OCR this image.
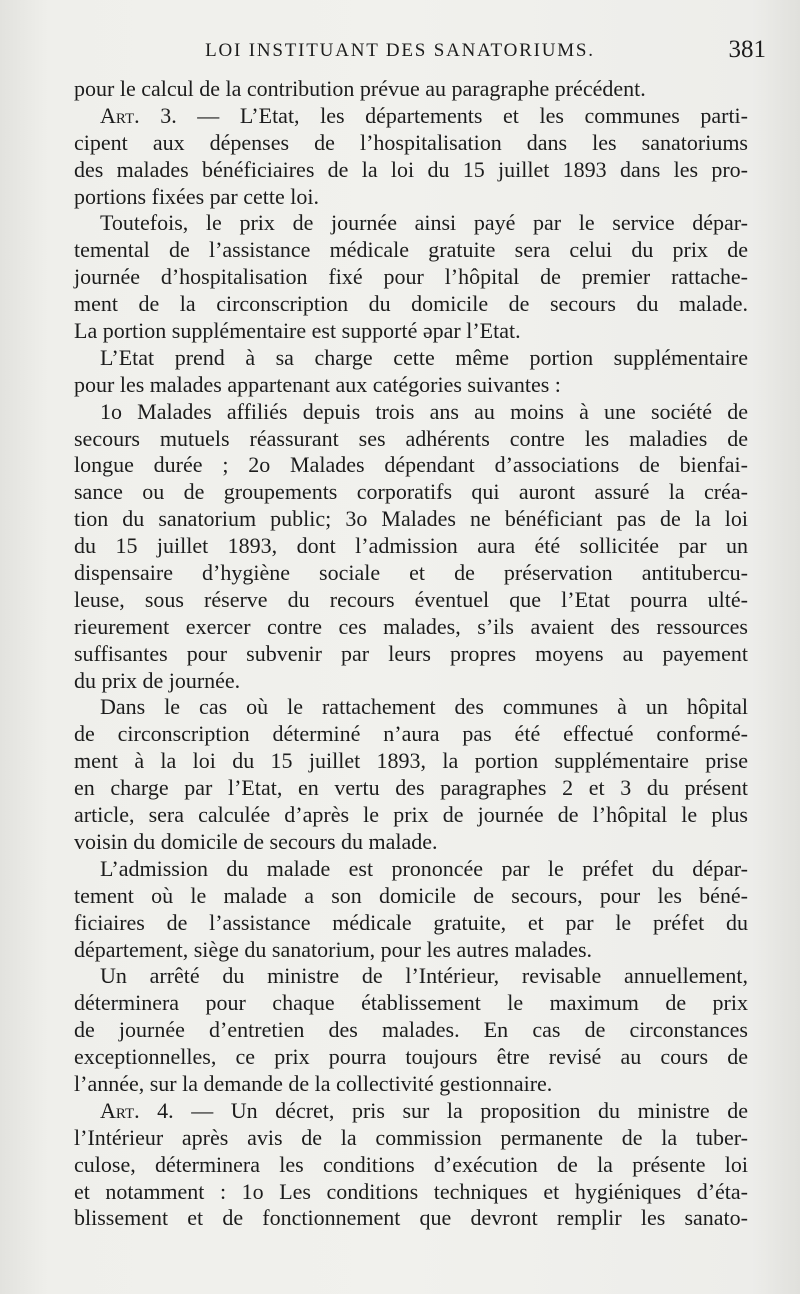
LOI INSTITUANT DES SANATORIUMS.	381
pour le calcul de la contribution prévue au paragraphe précédent.
Art. 3. — L’Etat, les départements et les communes parti-
cipent aux dépenses de l’hospitalisation dans les sanatoriums
des malades bénéficiaires de la loi du 15 juillet 1893 dans les pro-
portions fixées par cette loi.
Toutefois, le prix de journée ainsi payé par le service dépar-
temental de l’assistance médicale gratuite sera celui du prix de
journée d’hospitalisation fixé pour l’hôpital de premier rattache-
ment de la circonscription du domicile de secours du malade.
La portion supplémentaire est supporté ǝpar l’Etat.
L’Etat prend à sa charge cette même portion supplémentaire
pour les malades appartenant aux catégories suivantes :
1o Malades affiliés depuis trois ans au moins à une société de
secours mutuels réassurant ses adhérents contre les maladies de
longue durée ; 2o Malades dépendant d’associations de bienfai-
sance ou de groupements corporatifs qui auront assuré la créa-
tion du sanatorium public; 3o Malades ne bénéficiant pas de la loi
du 15 juillet 1893, dont l’admission aura été sollicitée par un
dispensaire d’hygiène sociale et de préservation antitubercu-
leuse, sous réserve du recours éventuel que l’Etat pourra ulté-
rieurement exercer contre ces malades, s’ils avaient des ressources
suffisantes pour subvenir par leurs propres moyens au payement
du prix de journée.
Dans le cas où le rattachement des communes à un hôpital
de circonscription déterminé n’aura pas été effectué conformé-
ment à la loi du 15 juillet 1893, la portion supplémentaire prise
en charge par l’Etat, en vertu des paragraphes 2 et 3 du présent
article, sera calculée d’après le prix de journée de l’hôpital le plus
voisin du domicile de secours du malade.
L’admission du malade est prononcée par le préfet du dépar-
tement où le malade a son domicile de secours, pour les béné-
ficiaires de l’assistance médicale gratuite, et par le préfet du
département, siège du sanatorium, pour les autres malades.
Un arrêté du ministre de l’Intérieur, revisable annuellement,
déterminera pour chaque établissement le maximum de prix
de journée d’entretien des malades. En cas de circonstances
exceptionnelles, ce prix pourra toujours être revisé au cours de
l’année, sur la demande de la collectivité gestionnaire.
Art. 4. — Un décret, pris sur la proposition du ministre de
l’Intérieur après avis de la commission permanente de la tuber-
culose, déterminera les conditions d’exécution de la présente loi
et notamment : 1o Les conditions techniques et hygiéniques d’éta-
blissement et de fonctionnement que devront remplir les sanato-
